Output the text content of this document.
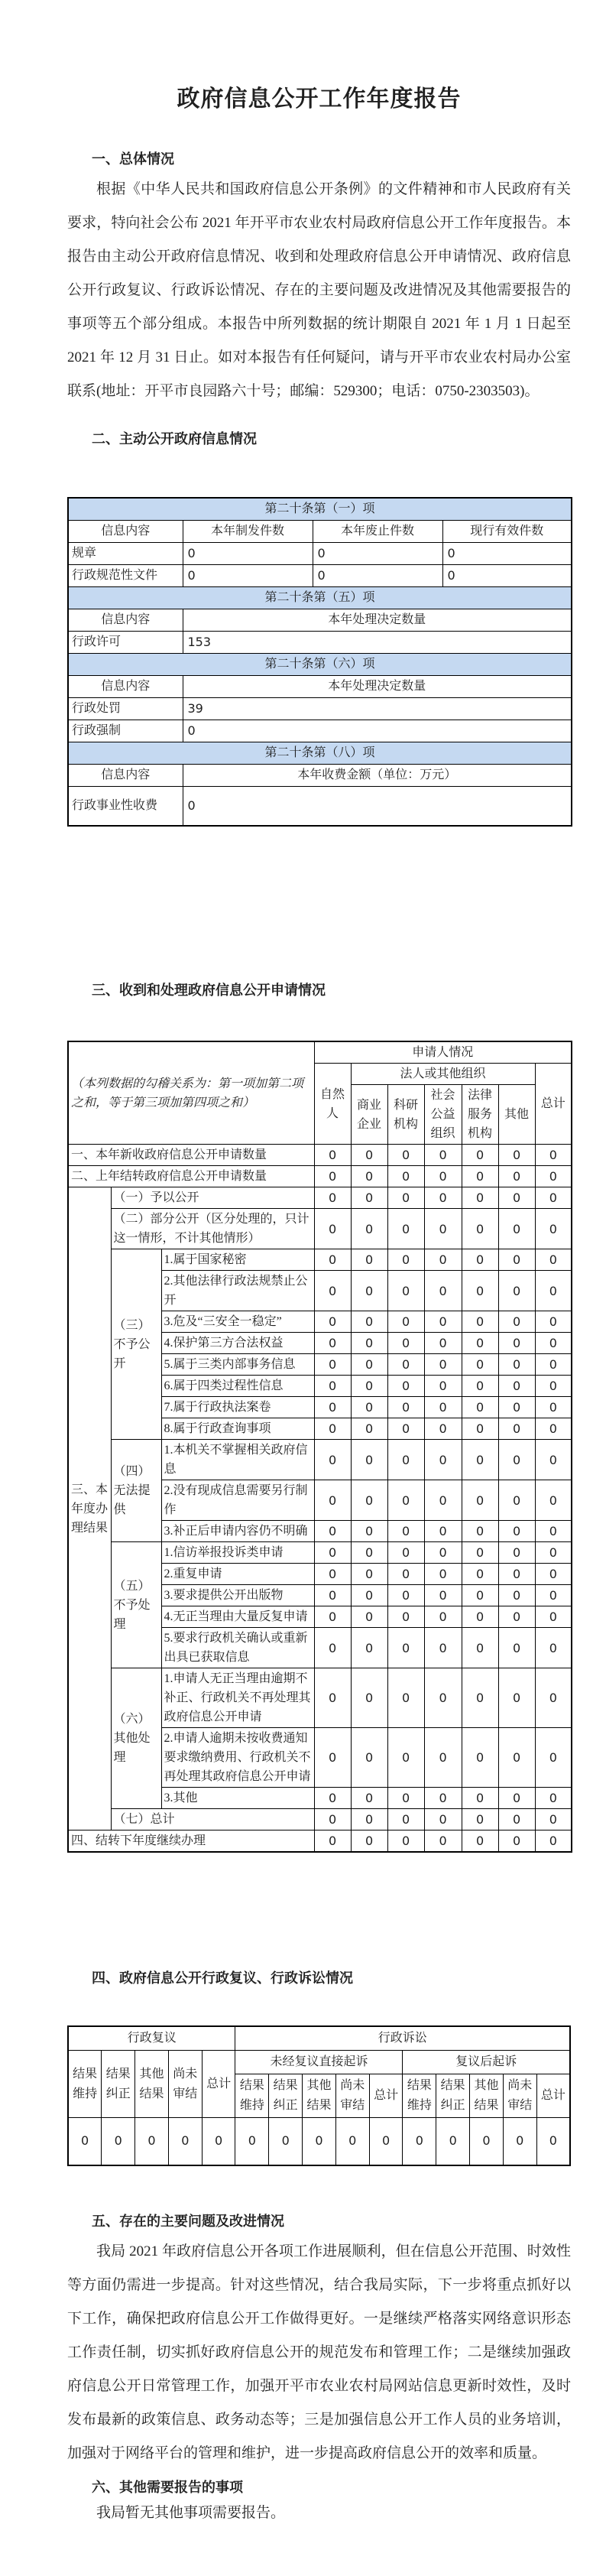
政府信息公开工作年度报告
一、总体情况

根据《中华人民共和国政府信息公开条例》的文件精神和市人民政府有关要求，特向社会公布 2021 年开平市农业农村局政府信息公开工作年度报告。本报告由主动公开政府信息情况、收到和处理政府信息公开申请情况、政府信息公开行政复议、行政诉讼情况、存在的主要问题及改进情况及其他需要报告的事项等五个部分组成。本报告中所列数据的统计期限自 2021 年 1 月 1 日起至 2021 年 12 月 31 日止。如对本报告有任何疑问，请与开平市农业农村局办公室联系(地址：开平市良园路六十号；邮编：529300；电话：0750-2303503)。

二、主动公开政府信息情况
第二十条第（一）项			
信息内容	本年制发件数	本年废止件数	现行有效件数
规章	0	0	0
行政规范性文件	0	0	0
第二十条第（五）项			
信息内容	本年处理决定数量		
行政许可	153		
第二十条第（六）项			
信息内容	本年处理决定数量		
行政处罚	39		
行政强制	0		
第二十条第（八）项			
信息内容	本年收费金额（单位：万元）		
行政事业性收费	0		
三、收到和处理政府信息公开申请情况
（本列数据的勾稽关系为：第一项加第二项之和，等于第三项加第四项之和）			申请人情况						
			自然人	法人或其他组织					总计
				商业企业	科研机构	社会公益组织	法律服务机构	其他	
一、本年新收政府信息公开申请数量			0	0	0	0	0	0	0
二、上年结转政府信息公开申请数量			0	0	0	0	0	0	0
三、本年度办理结果	（一）予以公开		0	0	0	0	0	0	0
	（二）部分公开（区分处理的，只计这一情形，不计其他情形）		0	0	0	0	0	0	0
	（三）不予公开	1.属于国家秘密	0	0	0	0	0	0	0
		2.其他法律行政法规禁止公开	0	0	0	0	0	0	0
		3.危及“三安全一稳定”	0	0	0	0	0	0	0
		4.保护第三方合法权益	0	0	0	0	0	0	0
		5.属于三类内部事务信息	0	0	0	0	0	0	0
		6.属于四类过程性信息	0	0	0	0	0	0	0
		7.属于行政执法案卷	0	0	0	0	0	0	0
		8.属于行政查询事项	0	0	0	0	0	0	0
	（四）无法提供	1.本机关不掌握相关政府信息	0	0	0	0	0	0	0
		2.没有现成信息需要另行制作	0	0	0	0	0	0	0
		3.补正后申请内容仍不明确	0	0	0	0	0	0	0
	（五）不予处理	1.信访举报投诉类申请	0	0	0	0	0	0	0
		2.重复申请	0	0	0	0	0	0	0
		3.要求提供公开出版物	0	0	0	0	0	0	0
		4.无正当理由大量反复申请	0	0	0	0	0	0	0
		5.要求行政机关确认或重新出具已获取信息	0	0	0	0	0	0	0
	（六）其他处理	1.申请人无正当理由逾期不补正、行政机关不再处理其政府信息公开申请	0	0	0	0	0	0	0
		2.申请人逾期未按收费通知要求缴纳费用、行政机关不再处理其政府信息公开申请	0	0	0	0	0	0	0
		3.其他	0	0	0	0	0	0	0
	（七）总计		0	0	0	0	0	0	0
四、结转下年度继续办理			0	0	0	0	0	0	0
四、政府信息公开行政复议、行政诉讼情况
行政复议					行政诉讼									
结果维持	结果纠正	其他结果	尚未审结	总计	未经复议直接起诉					复议后起诉				
					结果维持	结果纠正	其他结果	尚未审结	总计	结果维持	结果纠正	其他结果	尚未审结	总计
0	0	0	0	0	0	0	0	0	0	0	0	0	0	0
五、存在的主要问题及改进情况

我局 2021 年政府信息公开各项工作进展顺利，但在信息公开范围、时效性等方面仍需进一步提高。针对这些情况，结合我局实际，下一步将重点抓好以下工作，确保把政府信息公开工作做得更好。一是继续严格落实网络意识形态工作责任制，切实抓好政府信息公开的规范发布和管理工作；二是继续加强政府信息公开日常管理工作，加强开平市农业农村局网站信息更新时效性，及时发布最新的政策信息、政务动态等；三是加强信息公开工作人员的业务培训，加强对于网络平台的管理和维护，进一步提高政府信息公开的效率和质量。

六、其他需要报告的事项

我局暂无其他事项需要报告。
